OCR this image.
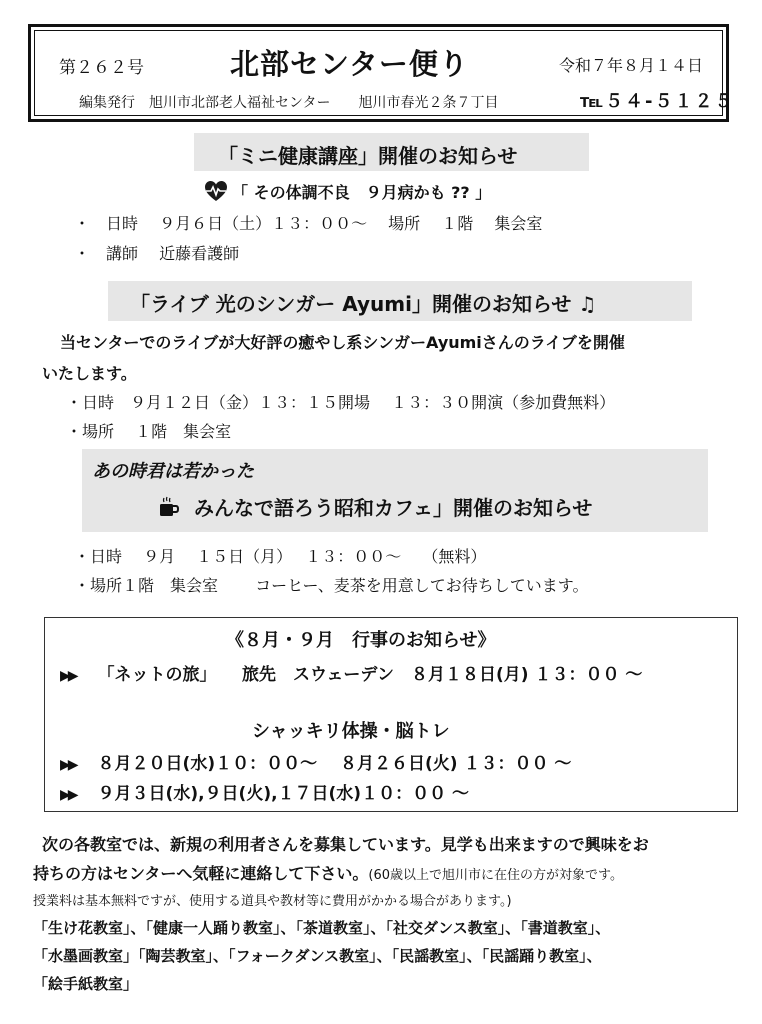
第２６２号	北部センター便り	令和７年８月１４日
編集発行　旭川市北部老人福祉センター　　旭川市春光２条７丁目	℡５４-５１２５
「ミニ健康講座」開催のお知らせ
「 その体調不良　９月病かも ?? 」
・　日時　 ９月６日（土）１３：００～　 場所　 １階　 集会室
・　講師　 近藤看護師
「ライブ 光のシンガー Ayumi」開催のお知らせ ♫
当センターでのライブが大好評の癒やし系シンガーAyumiさんのライブを開催
いたします。
・日時　９月１２日（金）１３：１５開場　 １３：３０開演（参加費無料）
・場所　 １階　集会室
あの時君は若かった
みんなで語ろう昭和カフェ」開催のお知らせ
・日時　 ９月　 １５日（月）　 １３：００～　 （無料）
・場所１階　集会室　　 コーヒー、麦茶を用意してお待ちしています。
《８月・９月　行事のお知らせ》
▶▶ 「ネットの旅」　　旅先　スウェーデン　８月１８日(月) １３：００ ～
シャッキリ体操・脳トレ
▶▶ ８月２０日(水)１０：００～　 ８月２６日(火) １３：００ ～
▶▶ ９月３日(水),９日(火),１７日(水)１０：００ ～
次の各教室では、新規の利用者さんを募集しています。見学も出来ますので興味をお
持ちの方はセンターへ気軽に連絡して下さい。(60歳以上で旭川市に在住の方が対象です。
授業料は基本無料ですが、使用する道具や教材等に費用がかかる場合があります。)
「生け花教室」、「健康一人踊り教室」、「茶道教室」、「社交ダンス教室」、「書道教室」、
「水墨画教室」「陶芸教室」、「フォークダンス教室」、「民謡教室」、「民謡踊り教室」、
「絵手紙教室」
